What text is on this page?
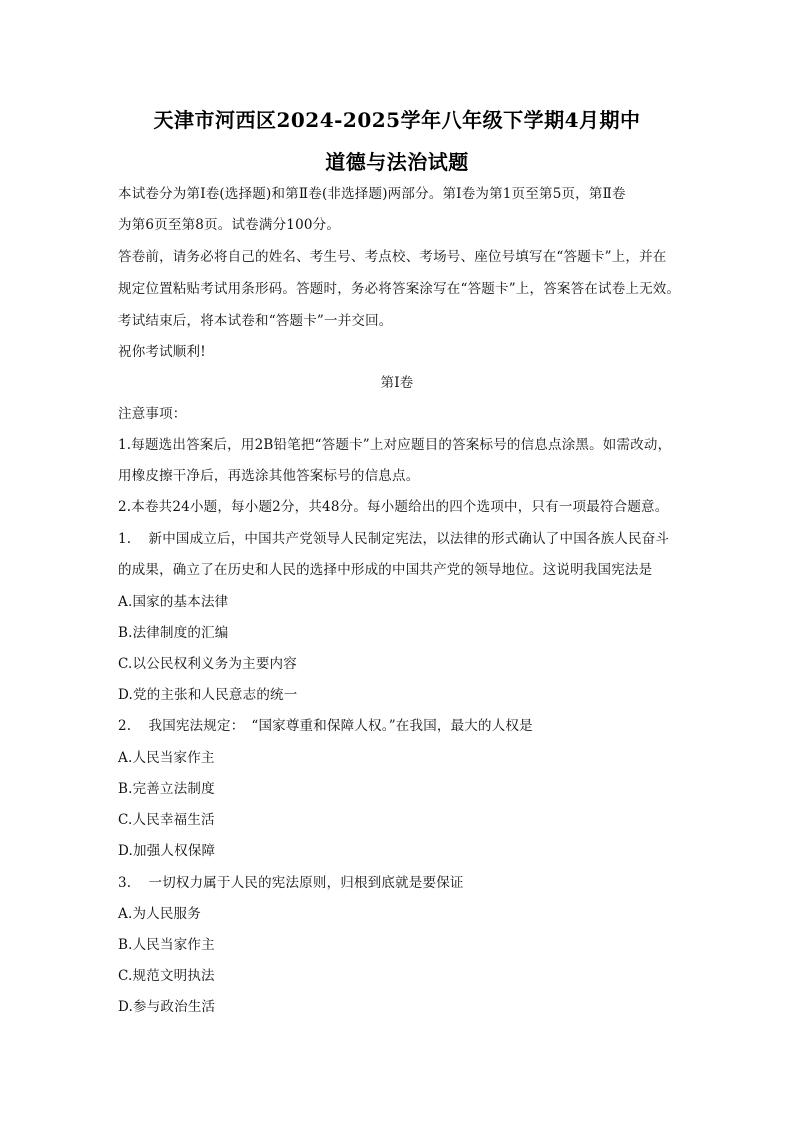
天津市河西区2024-2025学年八年级下学期4月期中
道德与法治试题
本试卷分为第Ⅰ卷(选择题)和第Ⅱ卷(非选择题)两部分。第Ⅰ卷为第1页至第5页，第Ⅱ卷
为第6页至第8页。试卷满分100分。
答卷前，请务必将自己的姓名、考生号、考点校、考场号、座位号填写在“答题卡”上，并在
规定位置粘贴考试用条形码。答题时，务必将答案涂写在“答题卡”上，答案答在试卷上无效。
考试结束后，将本试卷和“答题卡”一并交回。
祝你考试顺利!
第Ⅰ卷
注意事项：
1.每题选出答案后，用2B铅笔把“答题卡”上对应题目的答案标号的信息点涂黑。如需改动，
用橡皮擦干净后，再选涂其他答案标号的信息点。
2.本卷共24小题，每小题2分，共48分。每小题给出的四个选项中，只有一项最符合题意。
1. 新中国成立后，中国共产党领导人民制定宪法，以法律的形式确认了中国各族人民奋斗
的成果，确立了在历史和人民的选择中形成的中国共产党的领导地位。这说明我国宪法是
A.国家的基本法律
B.法律制度的汇编
C.以公民权利义务为主要内容
D.党的主张和人民意志的统一
2. 我国宪法规定：　“国家尊重和保障人权。”在我国，最大的人权是
A.人民当家作主
B.完善立法制度
C.人民幸福生活
D.加强人权保障
3. 一切权力属于人民的宪法原则，归根到底就是要保证
A.为人民服务
B.人民当家作主
C.规范文明执法
D.参与政治生活
